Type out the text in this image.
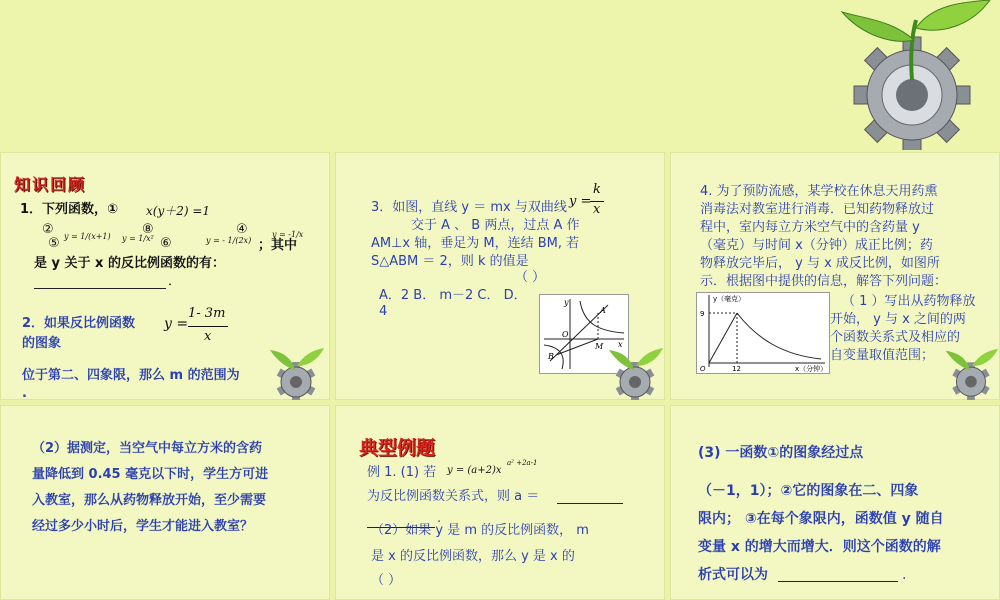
知识回顾
1．下列函数，① x(y＋2) =1
②
⑤ y = 1/(x+1) ⑧
y = 1/x² ⑥	y = - 1/(2x)
④	y = -1/x
；其中
是 y 关于 x 的反比例函数的有：
．
2．如果反比例函数 y =
1- 3m
x
的图象
位于第二、四象限，那么 m 的范围为
.
3．如图，直线 y ＝ mx 与双曲线 y =
k
x
交于 A 、 B 两点，过点 A 作
AM⊥x 轴，垂足为 M，连结 BM, 若
S△ABM ＝ 2，则 k 的值是
（ ）
A．2 B． m－2 C． D．
4
y
x
O
A
B
M
4. 为了预防流感，某学校在休息天用药熏
消毒法对教室进行消毒．已知药物释放过
程中，室内每立方米空气中的含药量 y
（毫克）与时间 x（分钟）成正比例；药
物释放完毕后， y 与 x 成反比例，如图所
示．根据图中提供的信息，解答下列问题：
y（毫克）
x（分钟）
O
9
12
（ 1 ）写出从药物释放
开始， y 与 x 之间的两
个函数关系式及相应的
自变量取值范围；
（2）据测定，当空气中每立方米的含药
量降低到 0.45 毫克以下时，学生方可进
入教室，那么从药物释放开始，至少需要
经过多少小时后，学生才能进入教室？
典型例题
例 1. (1) 若 y = (a+2)x
a² +2a-1
为反比例函数关系式，则 a ＝
.
（2）如果 y 是 m 的反比例函数， m
是 x 的反比例函数，那么 y 是 x 的
（ ）
(3) 一函数①的图象经过点
（－1，1）；②它的图象在二、四象
限内； ③在每个象限内，函数值 y 随自
变量 x 的增大而增大．则这个函数的解
析式可以为	.
